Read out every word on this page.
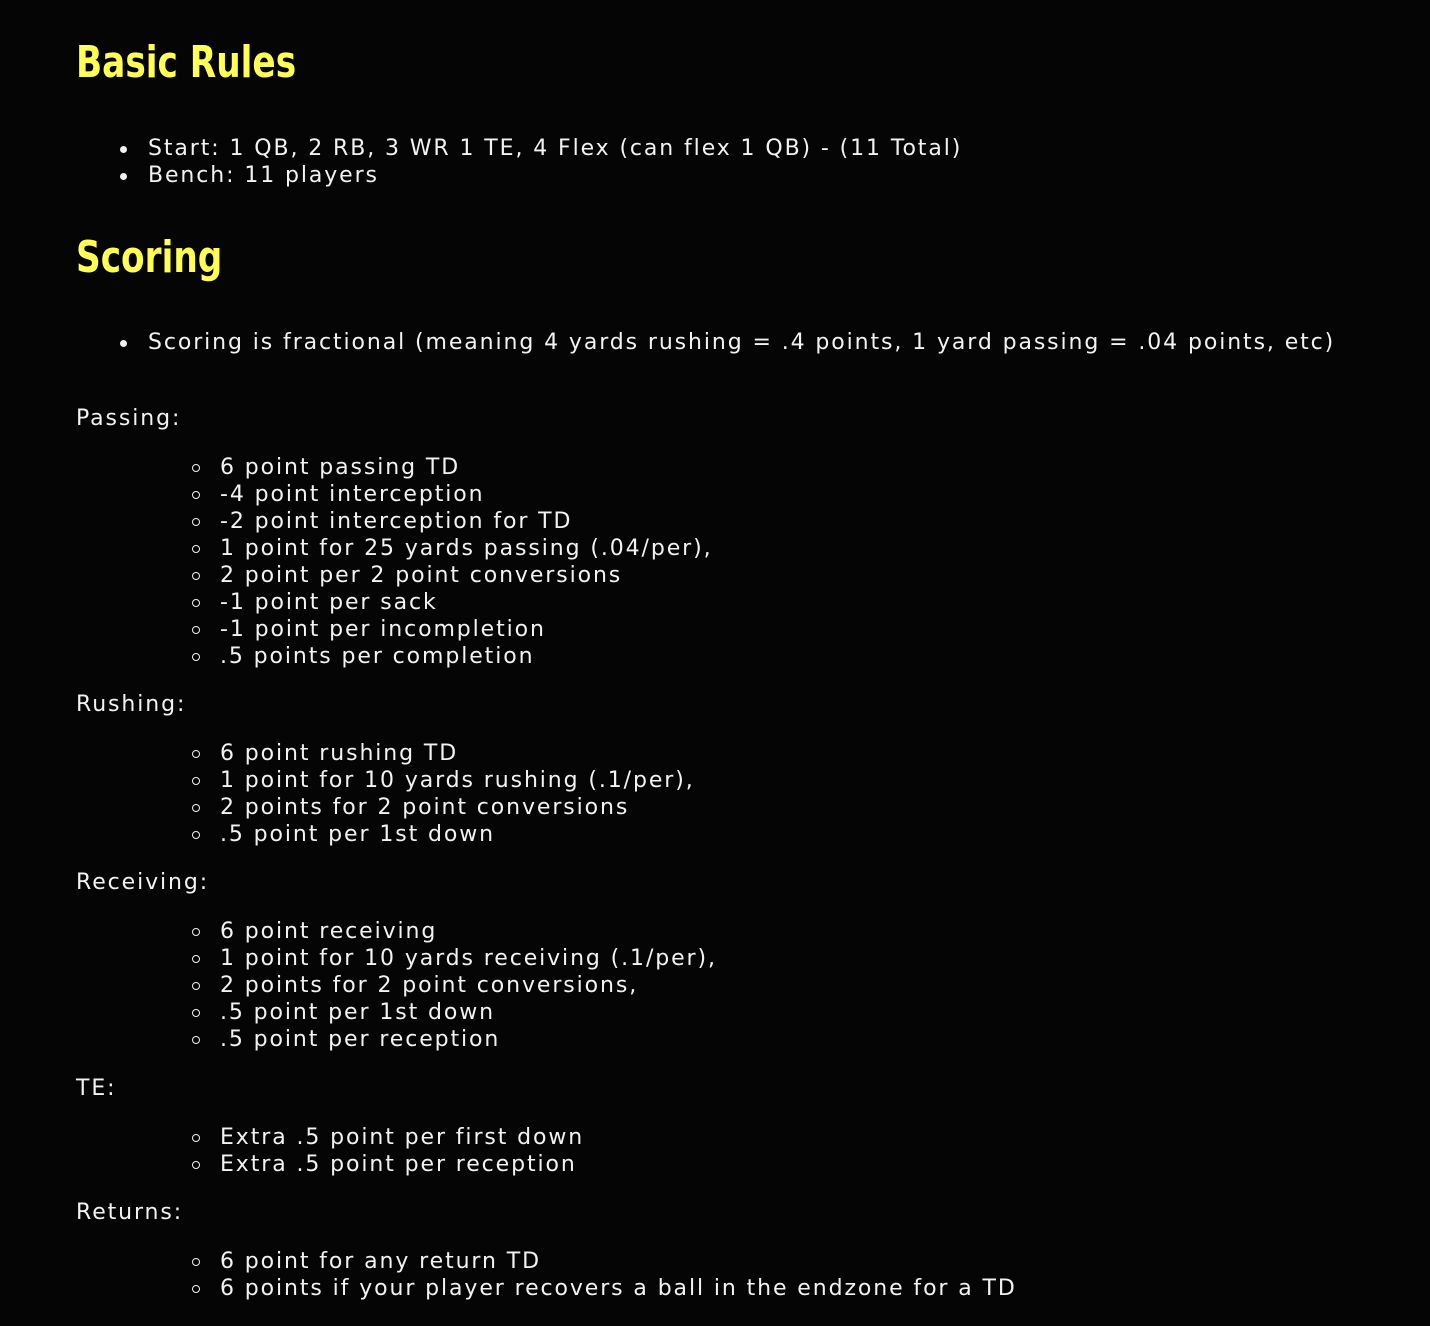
Basic Rules
Start: 1 QB, 2 RB, 3 WR 1 TE, 4 Flex (can flex 1 QB) - (11 Total)
Bench: 11 players
Scoring
Scoring is fractional (meaning 4 yards rushing = .4 points, 1 yard passing = .04 points, etc)

Passing:

6 point passing TD
-4 point interception
-2 point interception for TD
1 point for 25 yards passing (.04/per),
2 point per 2 point conversions
-1 point per sack
-1 point per incompletion
.5 points per completion

Rushing:

6 point rushing TD
1 point for 10 yards rushing (.1/per),
2 points for 2 point conversions
.5 point per 1st down

Receiving:

6 point receiving
1 point for 10 yards receiving (.1/per),
2 points for 2 point conversions,
.5 point per 1st down
.5 point per reception

TE:

Extra .5 point per first down
Extra .5 point per reception

Returns:

6 point for any return TD
6 points if your player recovers a ball in the endzone for a TD
